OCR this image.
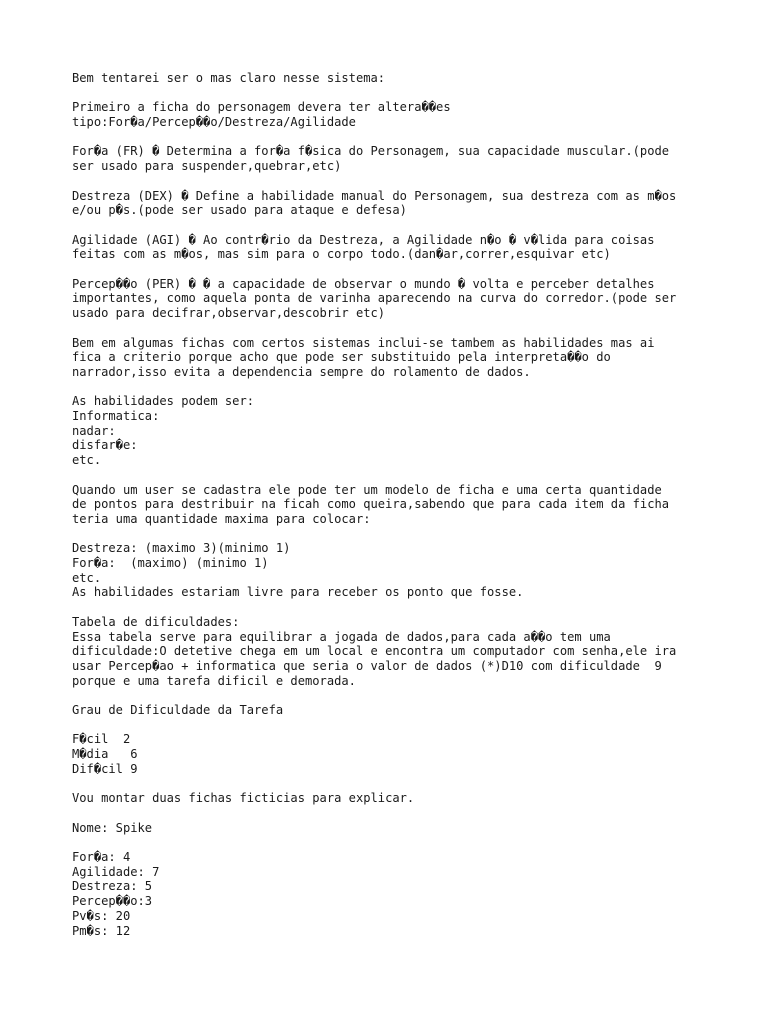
Bem tentarei ser o mas claro nesse sistema:

Primeiro a ficha do personagem devera ter altera��es

tipo:For�a/Percep��o/Destreza/Agilidade

For�a (FR) � Determina a for�a f�sica do Personagem, sua capacidade muscular.(pode

ser usado para suspender,quebrar,etc)

Destreza (DEX) � Define a habilidade manual do Personagem, sua destreza com as m�os

e/ou p�s.(pode ser usado para ataque e defesa)

Agilidade (AGI) � Ao contr�rio da Destreza, a Agilidade n�o � v�lida para coisas

feitas com as m�os, mas sim para o corpo todo.(dan�ar,correr,esquivar etc)

Percep��o (PER) � � a capacidade de observar o mundo � volta e perceber detalhes

importantes, como aquela ponta de varinha aparecendo na curva do corredor.(pode ser

usado para decifrar,observar,descobrir etc)

Bem em algumas fichas com certos sistemas inclui-se tambem as habilidades mas ai

fica a criterio porque acho que pode ser substituido pela interpreta��o do

narrador,isso evita a dependencia sempre do rolamento de dados.

As habilidades podem ser:

Informatica:

nadar:

disfar�e:

etc.

Quando um user se cadastra ele pode ter um modelo de ficha e uma certa quantidade

de pontos para destribuir na ficah como queira,sabendo que para cada item da ficha

teria uma quantidade maxima para colocar:

Destreza: (maximo 3)(minimo 1)

For�a:  (maximo) (minimo 1)

etc.

As habilidades estariam livre para receber os ponto que fosse.

Tabela de dificuldades:

Essa tabela serve para equilibrar a jogada de dados,para cada a��o tem uma

dificuldade:O detetive chega em um local e encontra um computador com senha,ele ira

usar Percep�ao + informatica que seria o valor de dados (*)D10 com dificuldade  9

porque e uma tarefa dificil e demorada.

Grau de Dificuldade da Tarefa

F�cil  2

M�dia   6

Dif�cil 9

Vou montar duas fichas ficticias para explicar.

Nome: Spike

For�a: 4

Agilidade: 7

Destreza: 5

Percep��o:3

Pv�s: 20

Pm�s: 12
